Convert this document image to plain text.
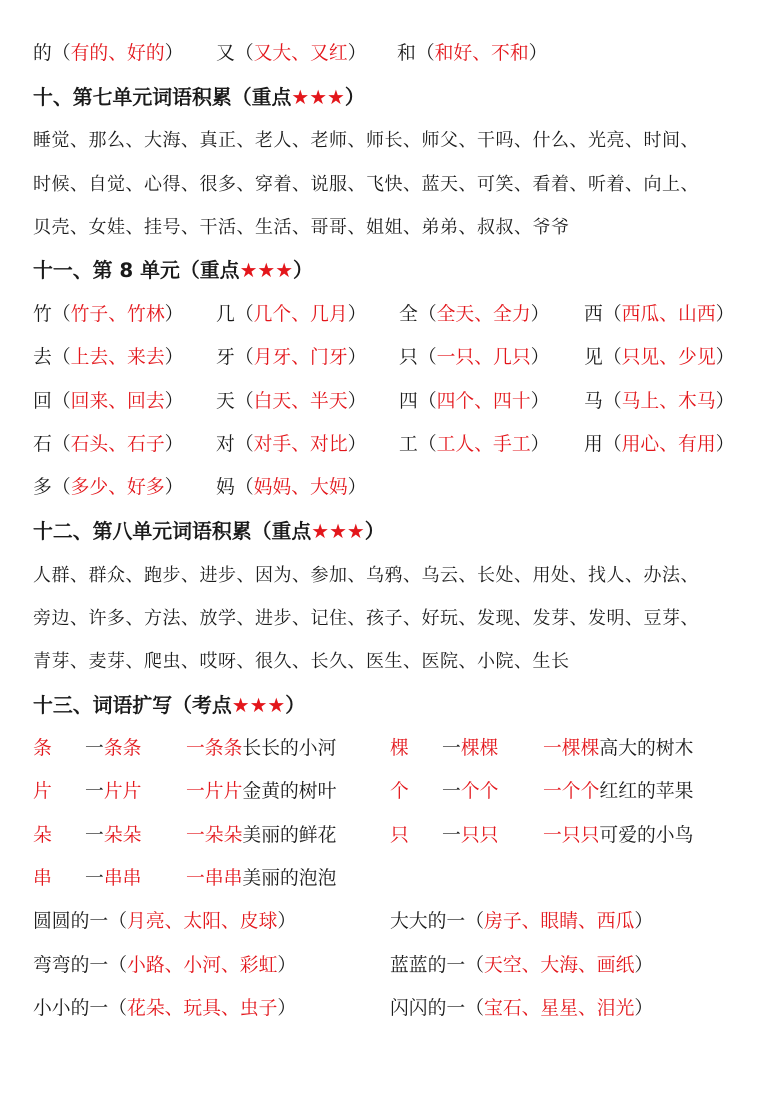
的（有的、好的） 又（又大、又红） 和（和好、不和）
十、第七单元词语积累（重点★★★）
睡觉、那么、大海、真正、老人、老师、师长、师父、干吗、什么、光亮、时间、
时候、自觉、心得、很多、穿着、说服、飞快、蓝天、可笑、看着、听着、向上、
贝壳、女娃、挂号、干活、生活、哥哥、姐姐、弟弟、叔叔、爷爷
十一、第 8 单元（重点★★★）
竹（竹子、竹林） 几（几个、几月） 全（全天、全力） 西（西瓜、山西）
去（上去、来去） 牙（月牙、门牙） 只（一只、几只） 见（只见、少见）
回（回来、回去） 天（白天、半天） 四（四个、四十） 马（马上、木马）
石（石头、石子） 对（对手、对比） 工（工人、手工） 用（用心、有用）
多（多少、好多） 妈（妈妈、大妈）
十二、第八单元词语积累（重点★★★）
人群、群众、跑步、进步、因为、参加、乌鸦、乌云、长处、用处、找人、办法、
旁边、许多、方法、放学、进步、记住、孩子、好玩、发现、发芽、发明、豆芽、
青芽、麦芽、爬虫、哎呀、很久、长久、医生、医院、小院、生长
十三、词语扩写（考点★★★）
条 一条条 一条条长长的小河	棵 一棵棵 一棵棵高大的树木
片 一片片 一片片金黄的树叶	个 一个个 一个个红红的苹果
朵 一朵朵 一朵朵美丽的鲜花	只 一只只 一只只可爱的小鸟
串 一串串 一串串美丽的泡泡
圆圆的一（月亮、太阳、皮球）	大大的一（房子、眼睛、西瓜）
弯弯的一（小路、小河、彩虹）	蓝蓝的一（天空、大海、画纸）
小小的一（花朵、玩具、虫子）	闪闪的一（宝石、星星、泪光）
